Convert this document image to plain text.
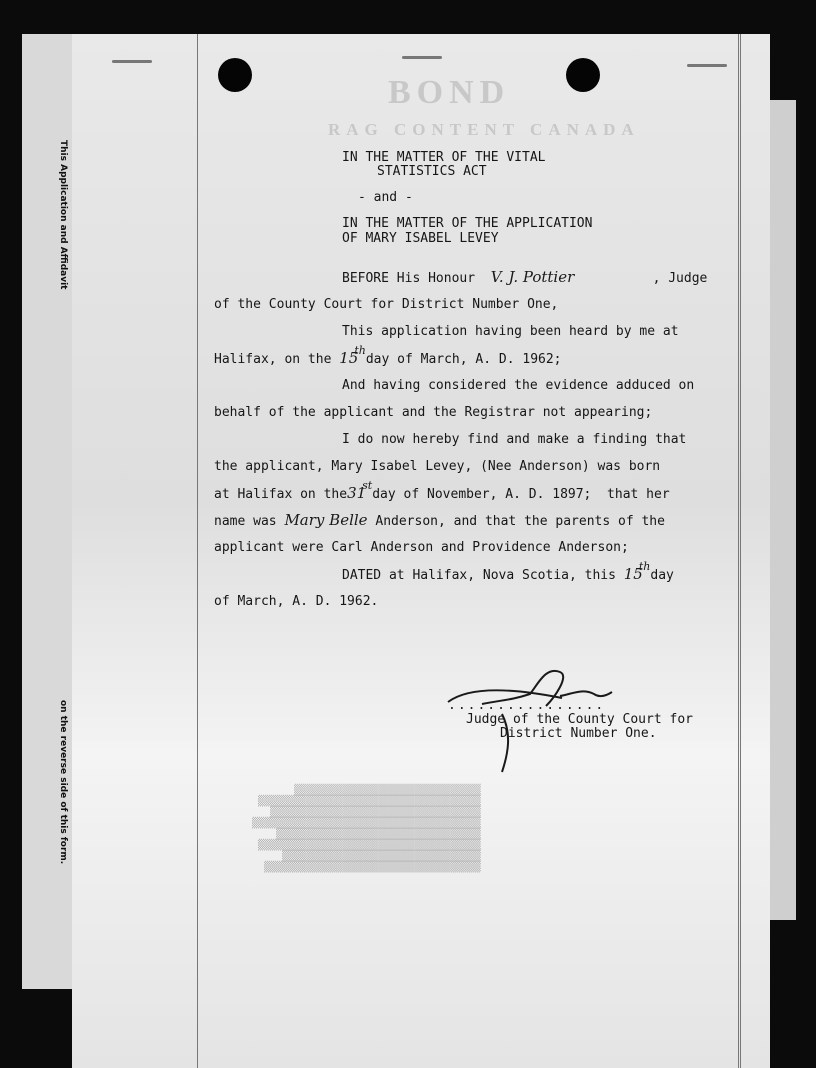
This Application and Affidavit
on the reverse side of this form.
BOND
RAG CONTENT CANADA
IN THE MATTER OF THE VITAL
STATISTICS ACT
- and -
IN THE MATTER OF THE APPLICATION
OF MARY ISABEL LEVEY
BEFORE His Honour V. J. Pottier	, Judge
of the County Court for District Number One,
This application having been heard by me at
Halifax, on the 15thday of March, A. D. 1962;
And having considered the evidence adduced on
behalf of the applicant and the Registrar not appearing;
I do now hereby find and make a finding that
the applicant, Mary Isabel Levey, (Nee Anderson) was born
at Halifax on the31stday of November, A. D. 1897;  that her
name was Mary Belle Anderson, and that the parents of the
applicant were Carl Anderson and Providence Anderson;
DATED at Halifax, Nova Scotia, this 15thday
of March, A. D. 1962.
................
Judge of the County Court for
District Number One.

▒▒▒▒▒▒▒▒▒▒▒▒▒▒▒▒▒▒▒▒▒▒▒▒▒▒▒▒▒▒▒
▒▒▒▒▒▒▒▒▒▒▒▒▒▒▒▒▒▒▒▒▒▒▒▒▒▒▒▒▒▒▒▒▒▒▒▒▒
▒▒▒▒▒▒▒▒▒▒▒▒▒▒▒▒▒▒▒▒▒▒▒▒▒▒▒▒▒▒▒▒▒▒▒
▒▒▒▒▒▒▒▒▒▒▒▒▒▒▒▒▒▒▒▒▒▒▒▒▒▒▒▒▒▒▒▒▒▒▒▒▒▒
▒▒▒▒▒▒▒▒▒▒▒▒▒▒▒▒▒▒▒▒▒▒▒▒▒▒▒▒▒▒▒▒▒▒
▒▒▒▒▒▒▒▒▒▒▒▒▒▒▒▒▒▒▒▒▒▒▒▒▒▒▒▒▒▒▒▒▒▒▒▒▒
▒▒▒▒▒▒▒▒▒▒▒▒▒▒▒▒▒▒▒▒▒▒▒▒▒▒▒▒▒▒▒▒▒
▒▒▒▒▒▒▒▒▒▒▒▒▒▒▒▒▒▒▒▒▒▒▒▒▒▒▒▒▒▒▒▒▒▒▒▒
